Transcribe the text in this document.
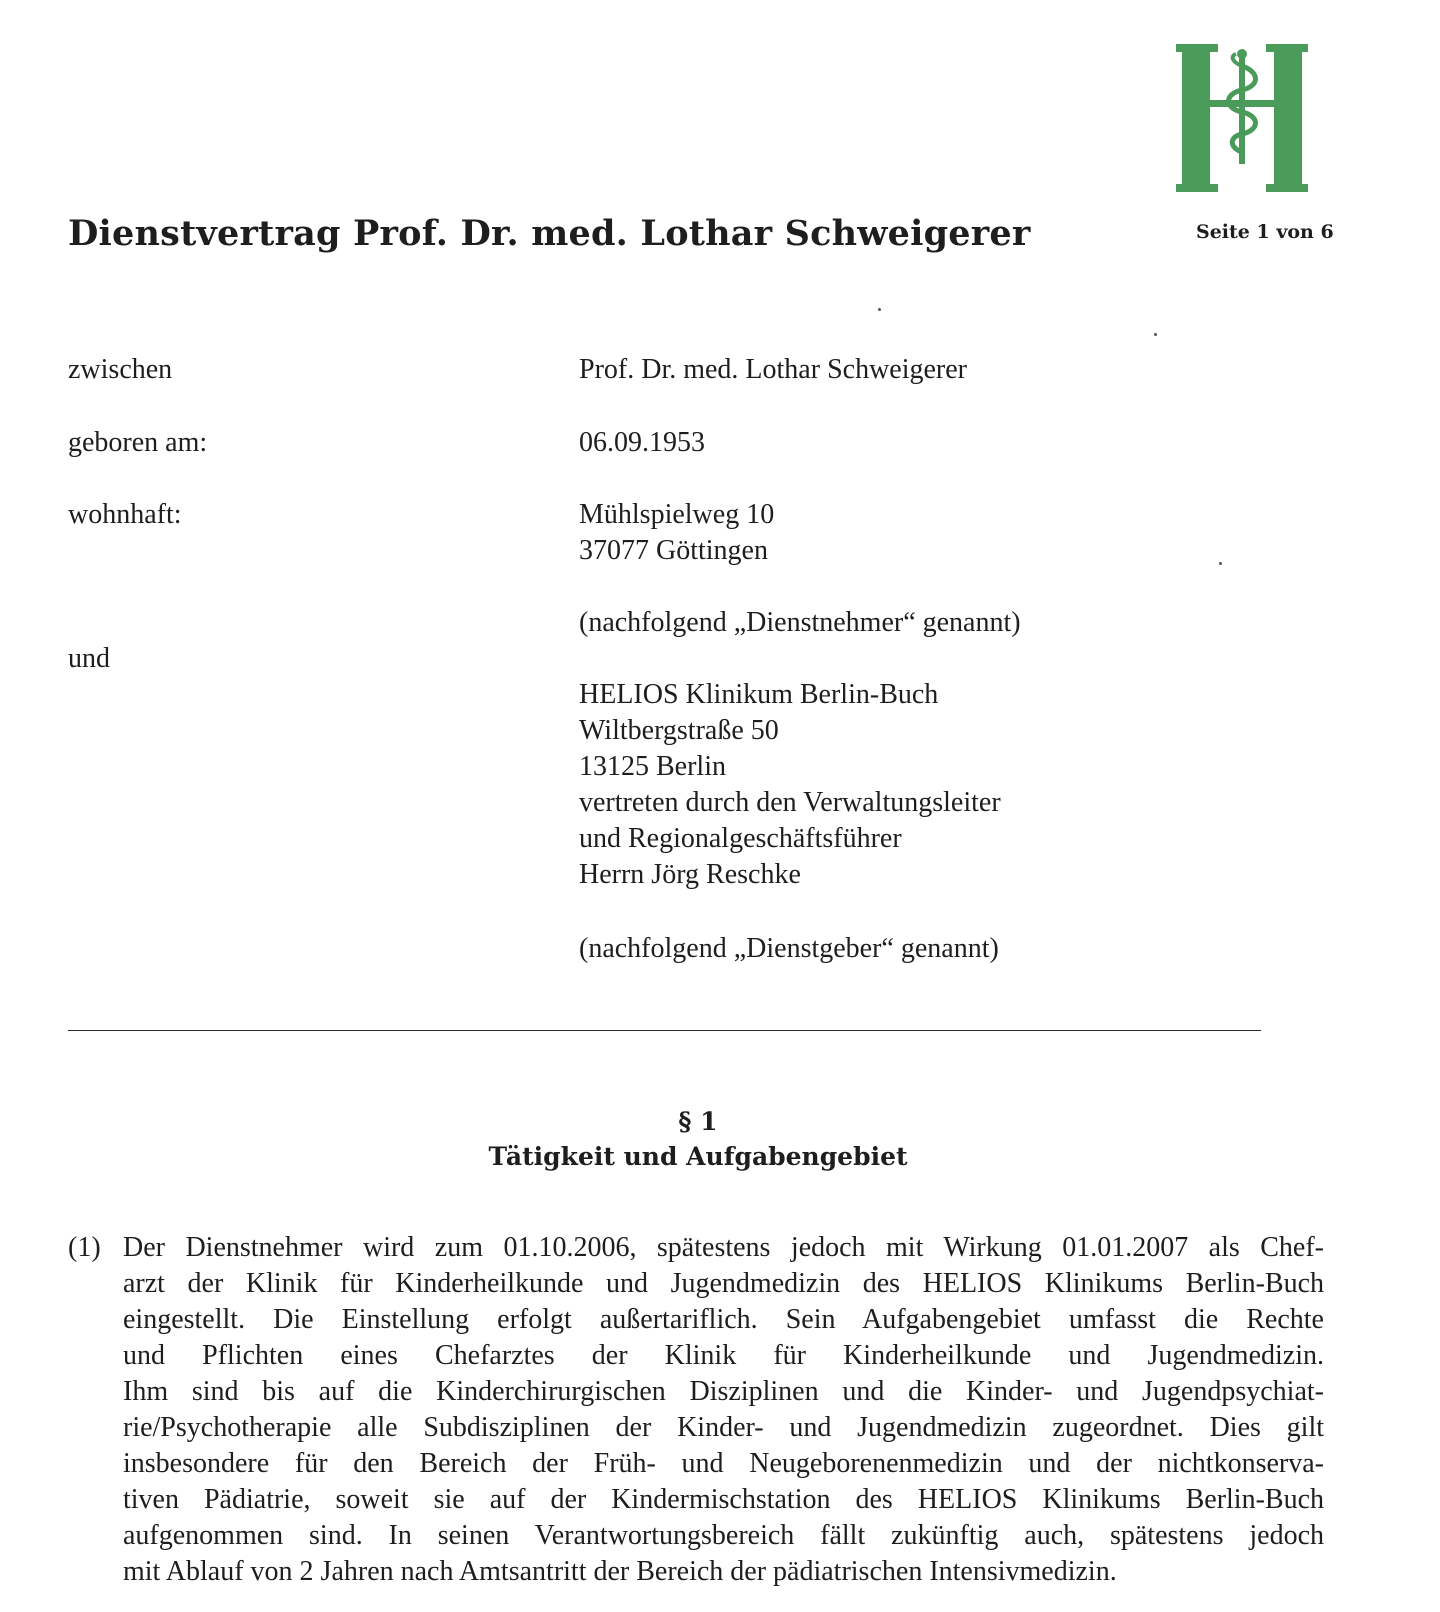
Dienstvertrag Prof. Dr. med. Lothar Schweigerer	Seite 1 von 6
zwischen	Prof. Dr. med. Lothar Schweigerer
geboren am:	06.09.1953
wohnhaft:	Mühlspielweg 10
37077 Göttingen
(nachfolgend „Dienstnehmer“ genannt)
und
HELIOS Klinikum Berlin-Buch
Wiltbergstraße 50
13125 Berlin
vertreten durch den Verwaltungsleiter
und Regionalgeschäftsführer
Herrn Jörg Reschke
(nachfolgend „Dienstgeber“ genannt)
§ 1
Tätigkeit und Aufgabengebiet
(1) Der Dienstnehmer wird zum 01.10.2006, spätestens jedoch mit Wirkung 01.01.2007 als Chef-
arzt der Klinik für Kinderheilkunde und Jugendmedizin des HELIOS Klinikums Berlin-Buch
eingestellt. Die Einstellung erfolgt außertariflich. Sein Aufgabengebiet umfasst die Rechte
und Pflichten eines Chefarztes der Klinik für Kinderheilkunde und Jugendmedizin.
Ihm sind bis auf die Kinderchirurgischen Disziplinen und die Kinder- und Jugendpsychiat-
rie/Psychotherapie alle Subdisziplinen der Kinder- und Jugendmedizin zugeordnet. Dies gilt
insbesondere für den Bereich der Früh- und Neugeborenenmedizin und der nichtkonserva-
tiven Pädiatrie, soweit sie auf der Kindermischstation des HELIOS Klinikums Berlin-Buch
aufgenommen sind. In seinen Verantwortungsbereich fällt zukünftig auch, spätestens jedoch
mit Ablauf von 2 Jahren nach Amtsantritt der Bereich der pädiatrischen Intensivmedizin.
